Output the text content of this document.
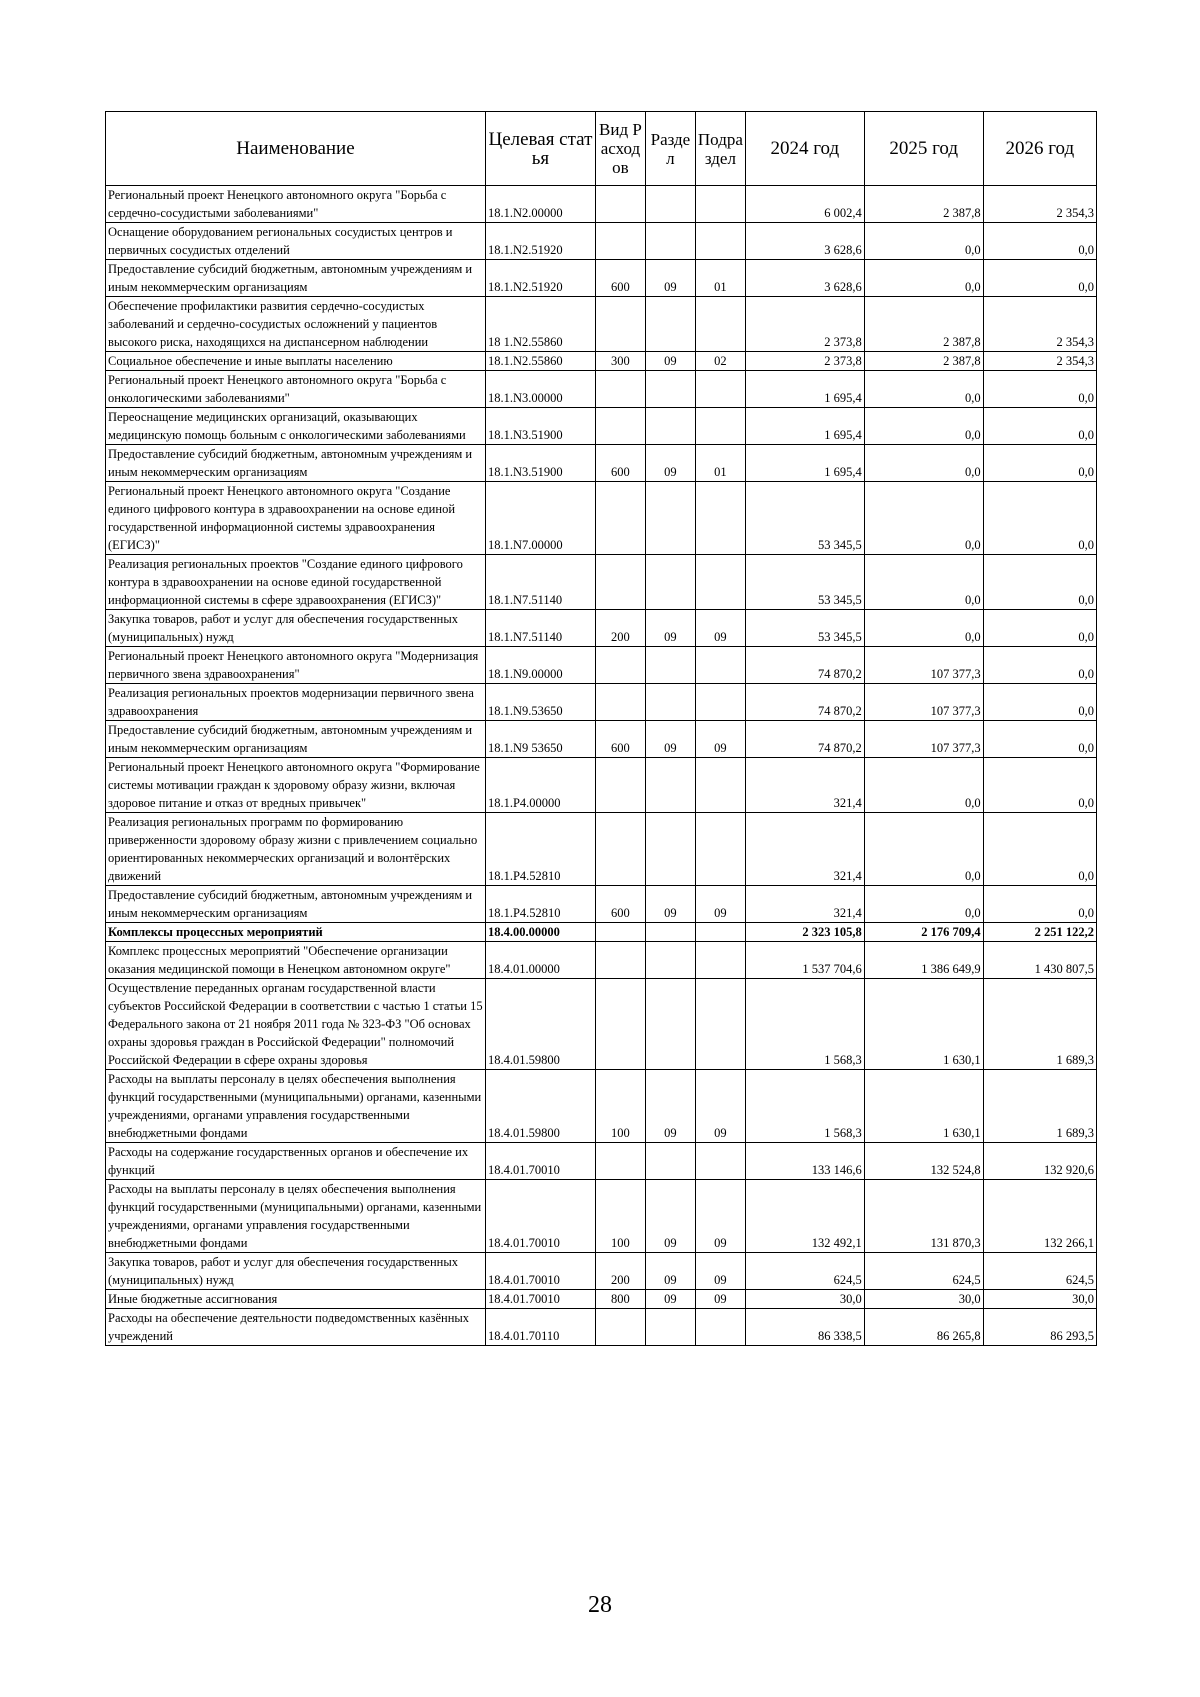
Наименование	Целевая статья	Вид Расходов	Раздел	Подраздел	2024 год	2025 год	2026 год
Региональный проект Ненецкого автономного округа "Борьба с сердечно-сосудистыми заболеваниями"	18.1.N2.00000				6 002,4	2 387,8	2 354,3
Оснащение оборудованием региональных сосудистых центров и первичных сосудистых отделений	18.1.N2.51920				3 628,6	0,0	0,0
Предоставление субсидий бюджетным, автономным учреждениям и иным некоммерческим организациям	18.1.N2.51920	600	09	01	3 628,6	0,0	0,0
Обеспечение профилактики развития сердечно-сосудистых заболеваний и сердечно-сосудистых осложнений у пациентов высокого риска, находящихся на диспансерном наблюдении	18 1.N2.55860				2 373,8	2 387,8	2 354,3
Социальное обеспечение и иные выплаты населению	18.1.N2.55860	300	09	02	2 373,8	2 387,8	2 354,3
Региональный проект Ненецкого автономного округа "Борьба с онкологическими заболеваниями"	18.1.N3.00000				1 695,4	0,0	0,0
Переоснащение медицинских организаций, оказывающих медицинскую помощь больным с онкологическими заболеваниями	18.1.N3.51900				1 695,4	0,0	0,0
Предоставление субсидий бюджетным, автономным учреждениям и иным некоммерческим организациям	18.1.N3.51900	600	09	01	1 695,4	0,0	0,0
Региональный проект Ненецкого автономного округа "Создание единого цифрового контура в здравоохранении на основе единой государственной информационной системы здравоохранения (ЕГИСЗ)"	18.1.N7.00000				53 345,5	0,0	0,0
Реализация региональных проектов "Создание единого цифрового контура в здравоохранении на основе единой государственной информационной системы в сфере здравоохранения (ЕГИСЗ)"	18.1.N7.51140				53 345,5	0,0	0,0
Закупка товаров, работ и услуг для обеспечения государственных (муниципальных) нужд	18.1.N7.51140	200	09	09	53 345,5	0,0	0,0
Региональный проект Ненецкого автономного округа "Модернизация первичного звена здравоохранения"	18.1.N9.00000				74 870,2	107 377,3	0,0
Реализация региональных проектов модернизации первичного звена здравоохранения	18.1.N9.53650				74 870,2	107 377,3	0,0
Предоставление субсидий бюджетным, автономным учреждениям и иным некоммерческим организациям	18.1.N9 53650	600	09	09	74 870,2	107 377,3	0,0
Региональный проект Ненецкого автономного округа "Формирование системы мотивации граждан к здоровому образу жизни, включая здоровое питание и отказ от вредных привычек"	18.1.P4.00000				321,4	0,0	0,0
Реализация региональных программ по формированию приверженности здоровому образу жизни с привлечением социально ориентированных некоммерческих организаций и волонтёрских движений	18.1.P4.52810				321,4	0,0	0,0
Предоставление субсидий бюджетным, автономным учреждениям и иным некоммерческим организациям	18.1.P4.52810	600	09	09	321,4	0,0	0,0
Комплексы процессных мероприятий	18.4.00.00000				2 323 105,8	2 176 709,4	2 251 122,2
Комплекс процессных мероприятий "Обеспечение организации оказания медицинской помощи в Ненецком автономном округе"	18.4.01.00000				1 537 704,6	1 386 649,9	1 430 807,5
Осуществление переданных органам государственной власти субъектов Российской Федерации в соответствии с частью 1 статьи 15 Федерального закона от 21 ноября 2011 года № 323-ФЗ "Об основах охраны здоровья граждан в Российской Федерации" полномочий Российской Федерации в сфере охраны здоровья	18.4.01.59800				1 568,3	1 630,1	1 689,3
Расходы на выплаты персоналу в целях обеспечения выполнения функций государственными (муниципальными) органами, казенными учреждениями, органами управления государственными внебюджетными фондами	18.4.01.59800	100	09	09	1 568,3	1 630,1	1 689,3
Расходы на содержание государственных органов и обеспечение их функций	18.4.01.70010				133 146,6	132 524,8	132 920,6
Расходы на выплаты персоналу в целях обеспечения выполнения функций государственными (муниципальными) органами, казенными учреждениями, органами управления государственными внебюджетными фондами	18.4.01.70010	100	09	09	132 492,1	131 870,3	132 266,1
Закупка товаров, работ и услуг для обеспечения государственных (муниципальных) нужд	18.4.01.70010	200	09	09	624,5	624,5	624,5
Иные бюджетные ассигнования	18.4.01.70010	800	09	09	30,0	30,0	30,0
Расходы на обеспечение деятельности подведомственных казённых учреждений	18.4.01.70110				86 338,5	86 265,8	86 293,5
28
